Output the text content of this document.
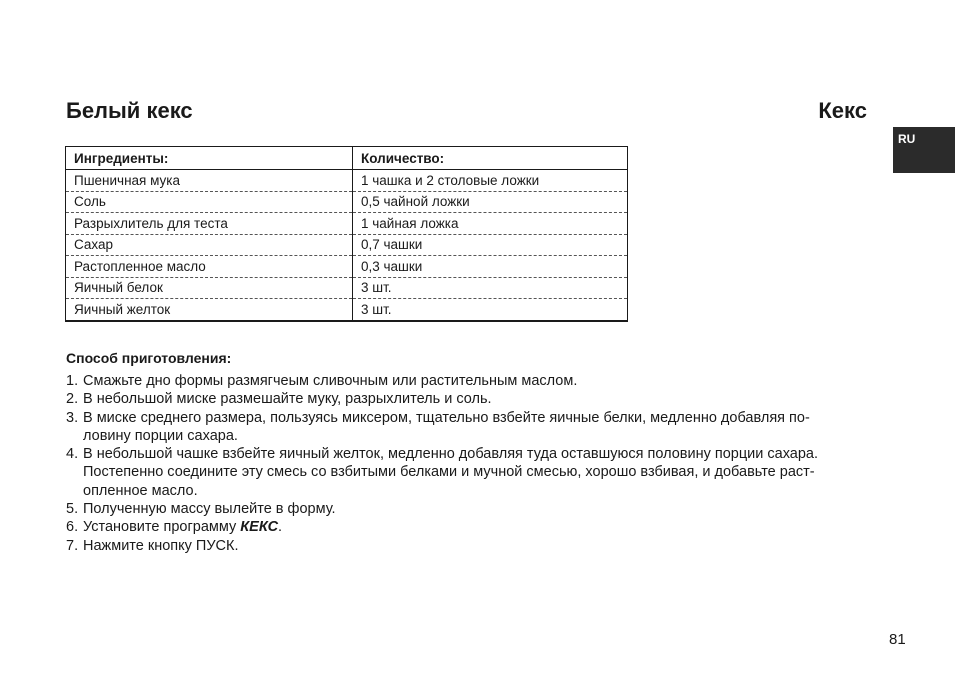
Белый кекс	Кекс
RU
Ингредиенты:	Количество:
Пшеничная мука	1 чашка и 2 столовые ложки
Соль	0,5 чайной ложки
Разрыхлитель для теста	1 чайная ложка
Сахар	0,7 чашки
Растопленное масло	0,3 чашки
Яичный белок	3 шт.
Яичный желток	3 шт.
Способ приготовления:
1. Смажьте дно формы размягчеым сливочным или растительным маслом.
2. В небольшой миске размешайте муку, разрыхлитель и соль.
3. В миске среднего размера, пользуясь миксером, тщательно взбейте яичные белки, медленно добавляя по-
ловину порции сахара.
4. В небольшой чашке взбейте яичный желток, медленно добавляя туда оставшуюся половину порции сахара.
Постепенно соедините эту смесь со взбитыми белками и мучной смесью, хорошо взбивая, и добавьте раст-
опленное масло.
5. Полученную массу вылейте в форму.
6. Установите программу КЕКС.
7. Нажмите кнопку ПУСК.
81
